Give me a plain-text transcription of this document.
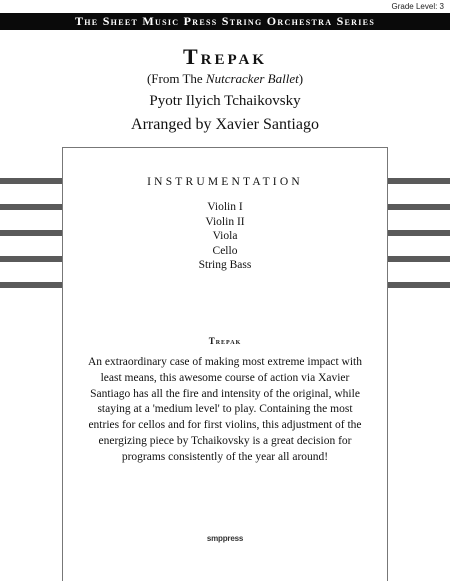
Grade Level: 3
The Sheet Music Press String Orchestra Series
Trepak
(From The Nutcracker Ballet)
Pyotr Ilyich Tchaikovsky
Arranged by Xavier Santiago
INSTRUMENTATION
Violin I
Violin II
Viola
Cello
String Bass
Trepak
An extraordinary case of making most extreme impact with least means, this awesome course of action via Xavier Santiago has all the fire and intensity of the original, while staying at a 'medium level' to play. Containing the most entries for cellos and for first violins, this adjustment of the energizing piece by Tchaikovsky is a great decision for programs consistently of the year all around!
smppress
